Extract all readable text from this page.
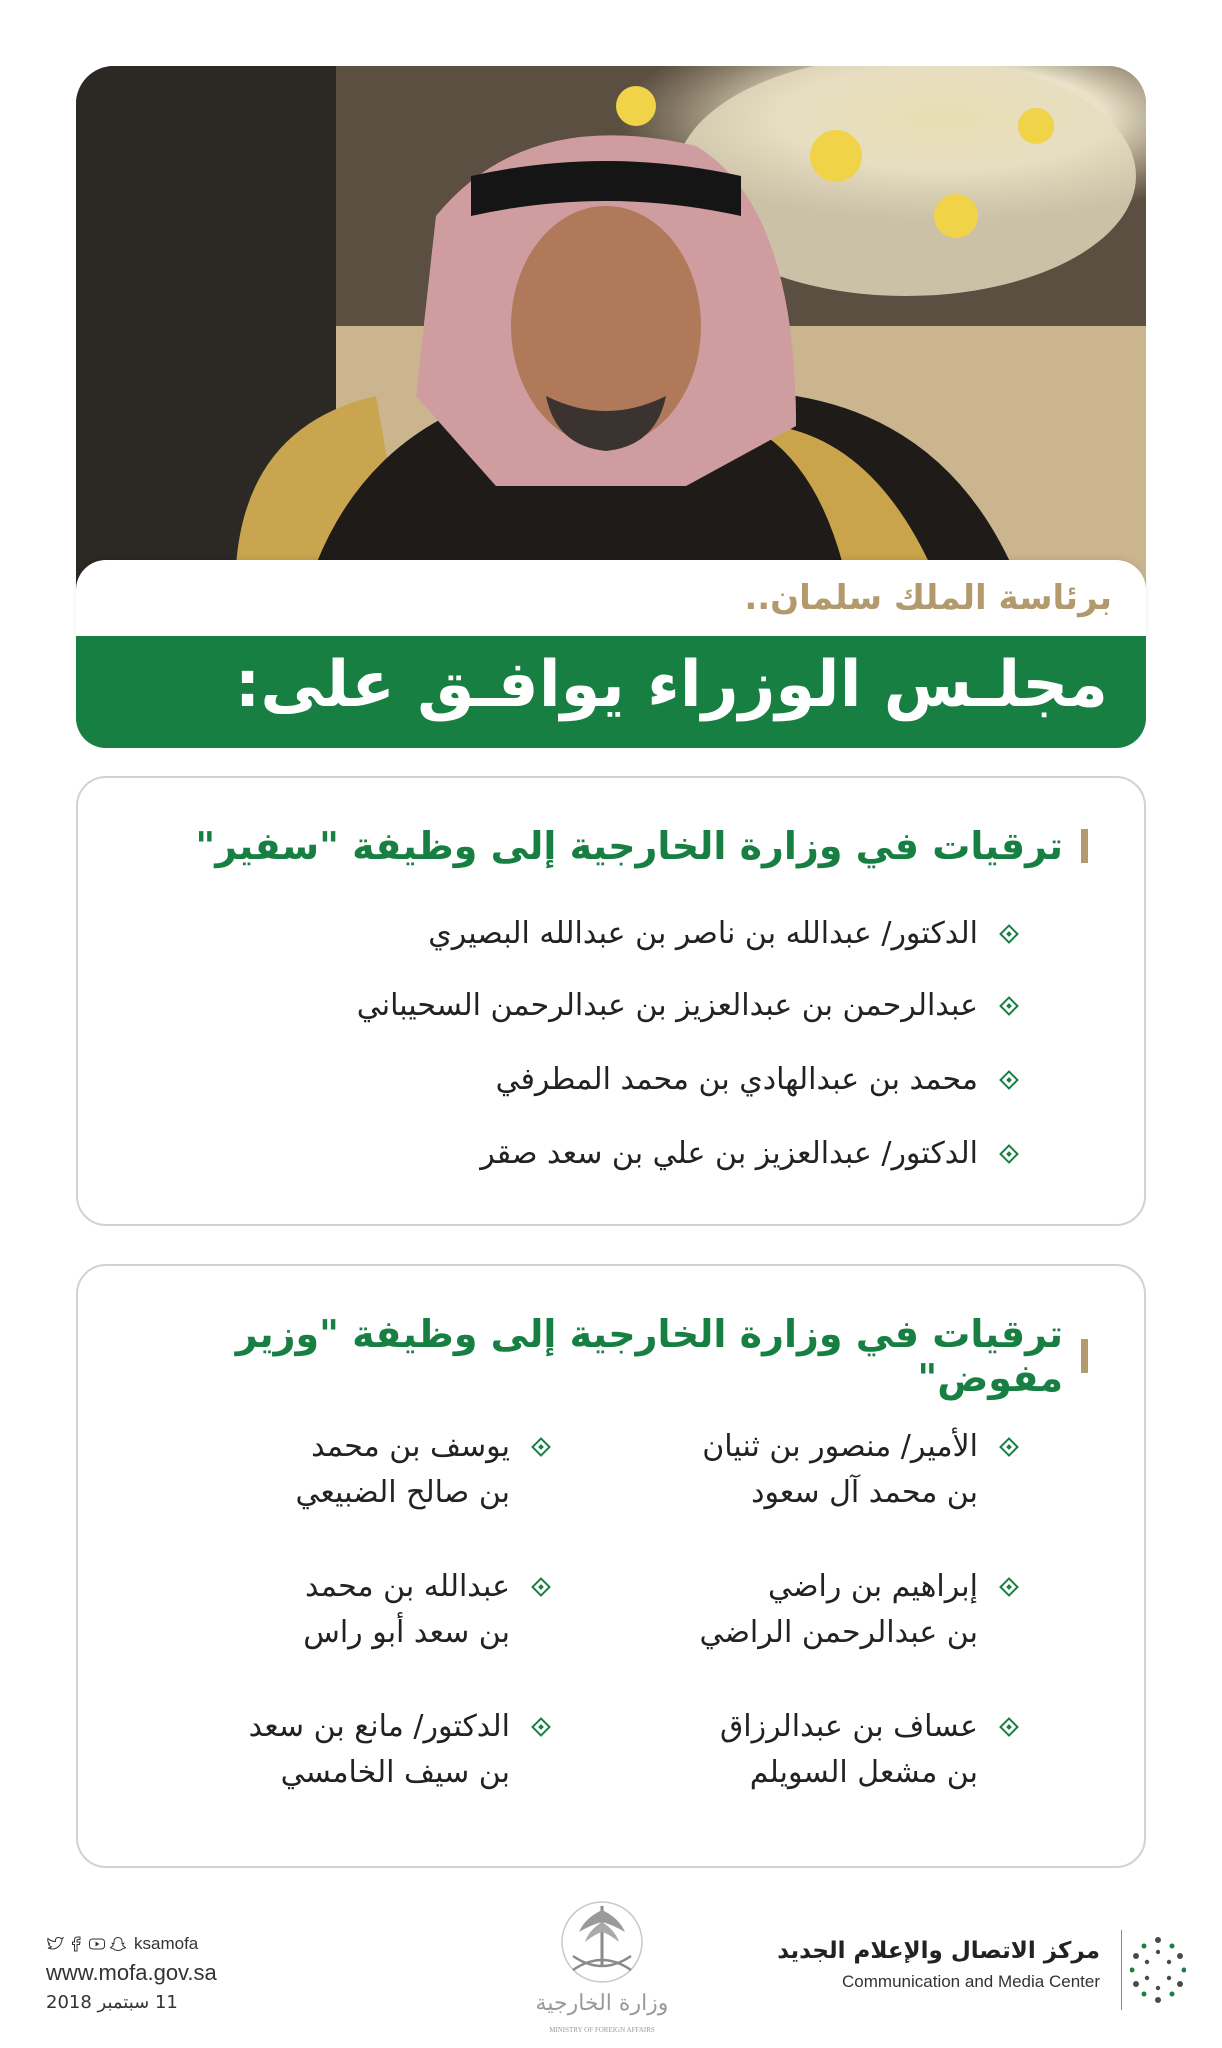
برئاسة الملك سلمان..
مجلـس الوزراء يوافـق على:
ترقيات في وزارة الخارجية إلى وظيفة "سفير"
الدكتور/ عبدالله بن ناصر بن عبدالله البصيري
عبدالرحمن بن عبدالعزيز بن عبدالرحمن السحيباني
محمد بن عبدالهادي بن محمد المطرفي
الدكتور/ عبدالعزيز بن علي بن سعد صقر
ترقيات في وزارة الخارجية إلى وظيفة "وزير مفوض"
الأمير/ منصور بن ثنيان
بن محمد آل سعود
إبراهيم بن راضي
بن عبدالرحمن الراضي
عساف بن عبدالرزاق
بن مشعل السويلم
يوسف بن محمد
بن صالح الضبيعي
عبدالله بن محمد
بن سعد أبو راس
الدكتور/ مانع بن سعد
بن سيف الخامسي
ksamofa
www.mofa.gov.sa
11 سبتمبر 2018	وزارة الخارجية
MINISTRY OF FOREIGN AFFAIRS
مركز الاتصال والإعلام الجديد
Communication and Media Center
